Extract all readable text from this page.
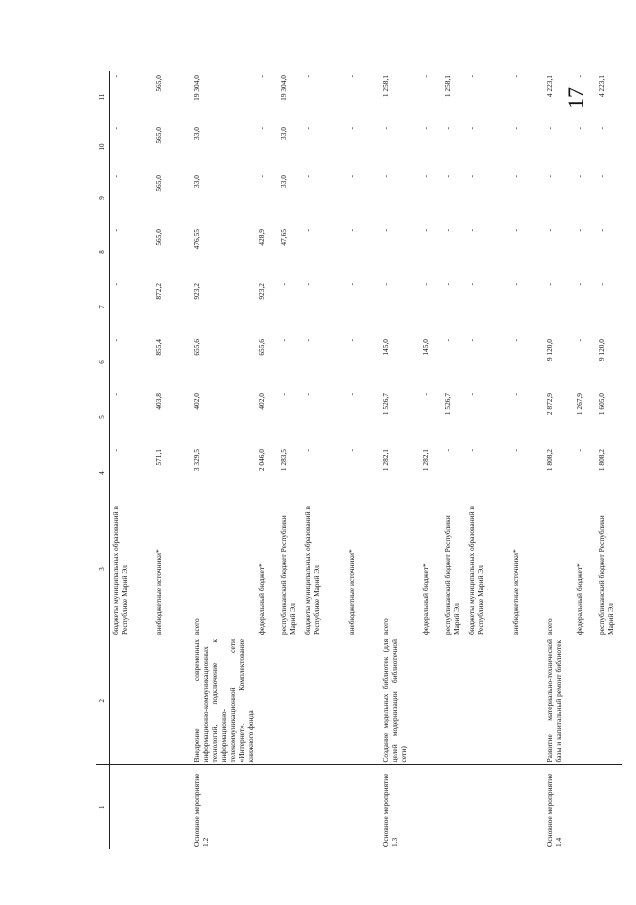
17
1	2	3	4	5	6	7	8	9	10	11
		бюджеты муниципальных образований в Республике Марий Эл	-	-	-	-	-	-	-	-
		внебюджетные источники*	571,1	403,8	855,4	872,2	565,0	565,0	565,0	565,0
Основное мероприятие 1.2	Внедрение современных информационно-коммуникационных технологий, подключение к информационно-телекоммуникационной сети «Интернет». Комплектование книжного фонда	всего	3 329,5	402,0	655,6	923,2	476,55	33,0	33,0	19 304,0
		федеральный бюджет*	2 046,0	402,0	655,6	923,2	428,9	-	-	-
		республиканский бюджет Республики Марий Эл	1 283,5	-	-	-	47,65	33,0	33,0	19 304,0
		бюджеты муниципальных образований в Республике Марий Эл	-	-	-	-	-	-	-	-
		внебюджетные источники*	-	-	-	-	-	-	-	-
Основное мероприятие 1.3	Создание модельных библиотек (для целей модернизации библиотечной сети)	всего	1 282,1	1 526,7	145,0	-	-	-	-	1 258,1
		федеральный бюджет*	1 282,1	-	145,0	-	-	-	-	-
		республиканский бюджет Республики Марий Эл	-	1 526,7	-	-	-	-	-	1 258,1
		бюджеты муниципальных образований в Республике Марий Эл	-	-	-	-	-	-	-	-
		внебюджетные источники*	-	-	-	-	-	-	-	-
Основное мероприятие 1.4	Развитие материально-технической базы и капитальный ремонт библиотек	всего	1 808,2	2 872,9	9 120,0	-	-	-	-	4 223,1
		федеральный бюджет*	-	1 267,9	-	-	-	-	-	-
		республиканский бюджет Республики Марий Эл	1 808,2	1 605,0	9 120,0	-	-	-	-	4 223,1
